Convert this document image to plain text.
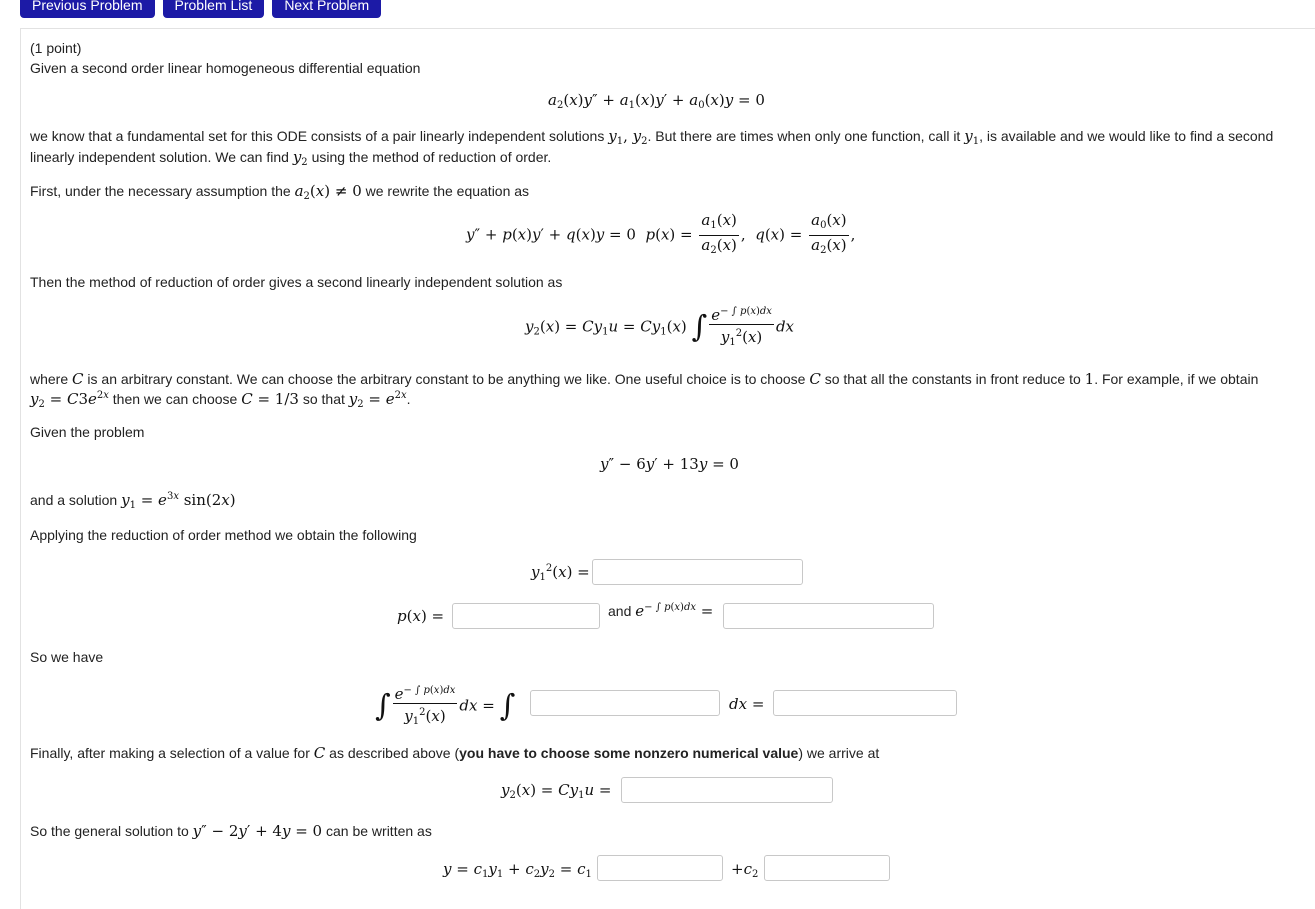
Previous Problem	Problem List	Next Problem
(1 point)
Given a second order linear homogeneous differential equation
$a_2(x)y'' + a_1(x)y' + a_0(x)y = 0$
we know that a fundamental set for this ODE consists of a pair linearly independent solutions $y_1$, $y_2$. But there are times when only one function, call it $y_1$, is available and we would like to find a second
linearly independent solution. We can find $y_2$ using the method of reduction of order.
First, under the necessary assumption the $a_2(x) \ne 0$ we rewrite the equation as
y″ + p(x)y′ + q(x)y = 0  $p(x) = \frac{a_1(x)}{a_2(x)}$ ,  $q(x) = \frac{a_0(x)}{a_2(x)}$ ,
Then the method of reduction of order gives a second linearly independent solution as
$y_2(x) = Cy_1u = Cy_1(x)$ ∫ $\frac{e^{- \int p(x)dx}}{y_1^2(x)}$ dx
where C is an arbitrary constant. We can choose the arbitrary constant to be anything we like. One useful choice is to choose C so that all the constants in front reduce to 1. For example, if we obtain
$y_2 = C3e^{2x}$ then we can choose C = 1/3 so that $y_2 = e^{2x}$.
Given the problem
y″ − 6y′ + 13y = 0
and a solution $y_1 = e^{3x}$ sin(2x)
Applying the reduction of order method we obtain the following
$y_1^2(x)$ =
p(x) =	and $e^{- \int p(x)dx}$ =
So we have
∫ $\frac{e^{- \int p(x)dx}}{y_1^2(x)}$ dx = ∫	dx =
Finally, after making a selection of a value for C as described above (you have to choose some nonzero numerical value) we arrive at
$y_2(x) = Cy_1u$ =
So the general solution to y″ − 2y′ + 4y = 0 can be written as
$y = c_1y_1 + c_2y_2 = c_1$	$+c_2$
